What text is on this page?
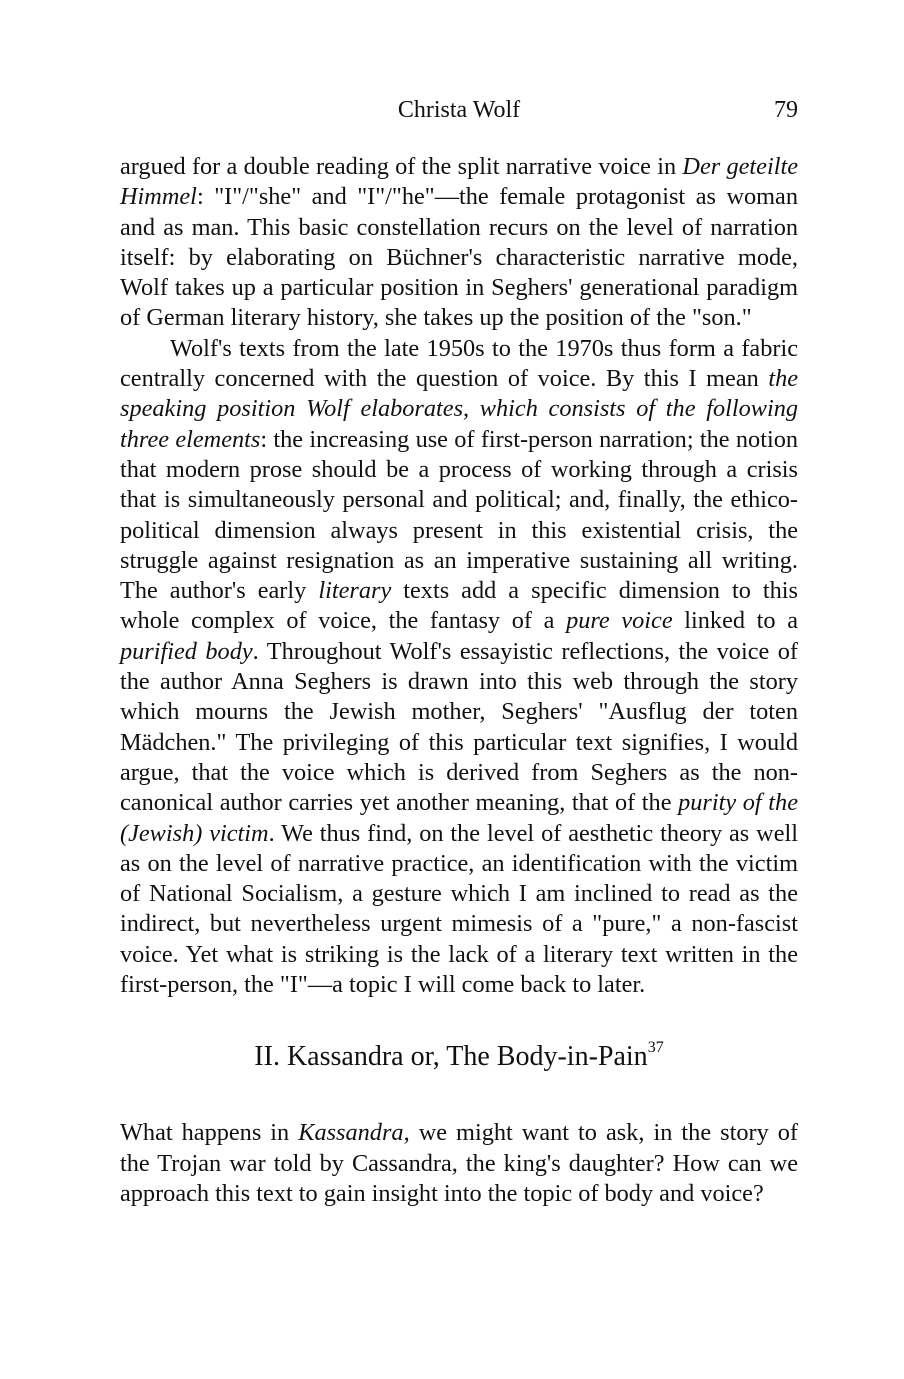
Christa Wolf	79

argued for a double reading of the split narrative voice in Der geteilte Himmel: "I"/"she" and "I"/"he"—the female protagonist as woman and as man. This basic constellation recurs on the level of narration itself: by elaborating on Büchner's characteristic narrative mode, Wolf takes up a particular position in Seghers' generational paradigm of German literary history, she takes up the position of the "son."

Wolf's texts from the late 1950s to the 1970s thus form a fabric centrally concerned with the question of voice. By this I mean the speaking position Wolf elaborates, which consists of the following three elements: the increasing use of first-person narration; the notion that modern prose should be a process of working through a crisis that is simultaneously personal and political; and, finally, the ethico-political dimension always present in this existential crisis, the struggle against resignation as an imperative sustaining all writing. The author's early literary texts add a specific dimension to this whole complex of voice, the fantasy of a pure voice linked to a purified body. Throughout Wolf's essayistic reflections, the voice of the author Anna Seghers is drawn into this web through the story which mourns the Jewish mother, Seghers' "Ausflug der toten Mädchen." The privileging of this particular text signifies, I would argue, that the voice which is derived from Seghers as the non-canonical author carries yet another meaning, that of the purity of the (Jewish) victim. We thus find, on the level of aesthetic theory as well as on the level of narrative practice, an identification with the victim of National Socialism, a gesture which I am inclined to read as the indirect, but nevertheless urgent mimesis of a "pure," a non-fascist voice. Yet what is striking is the lack of a literary text written in the first-person, the "I"—a topic I will come back to later.

II. Kassandra or, The Body-in-Pain$^{37}$

What happens in Kassandra, we might want to ask, in the story of the Trojan war told by Cassandra, the king's daughter? How can we approach this text to gain insight into the topic of body and voice?
